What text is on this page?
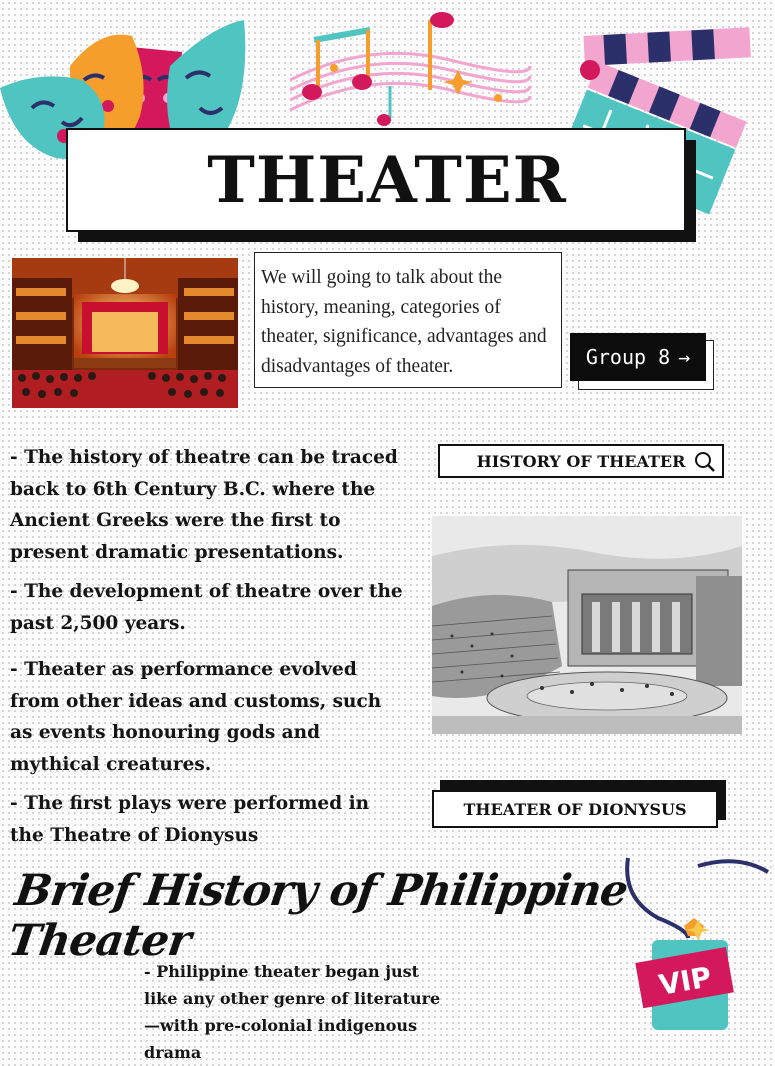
THEATER
We will going to talk about the history, meaning, categories of theater, significance, advantages and disadvantages of theater.	Group 8 →
HISTORY OF THEATER
- The history of theatre can be traced back to 6th Century B.C. where the Ancient Greeks were the first to present dramatic presentations.
- The development of theatre over the past 2,500 years.
- Theater as performance evolved from other ideas and customs, such as events honouring gods and mythical creatures.
- The first plays were performed in the Theatre of Dionysus
THEATER OF DIONYSUS
Brief History of Philippine Theater
- Philippine theater began just like any other genre of literature—with pre-colonial indigenous drama
VIP
